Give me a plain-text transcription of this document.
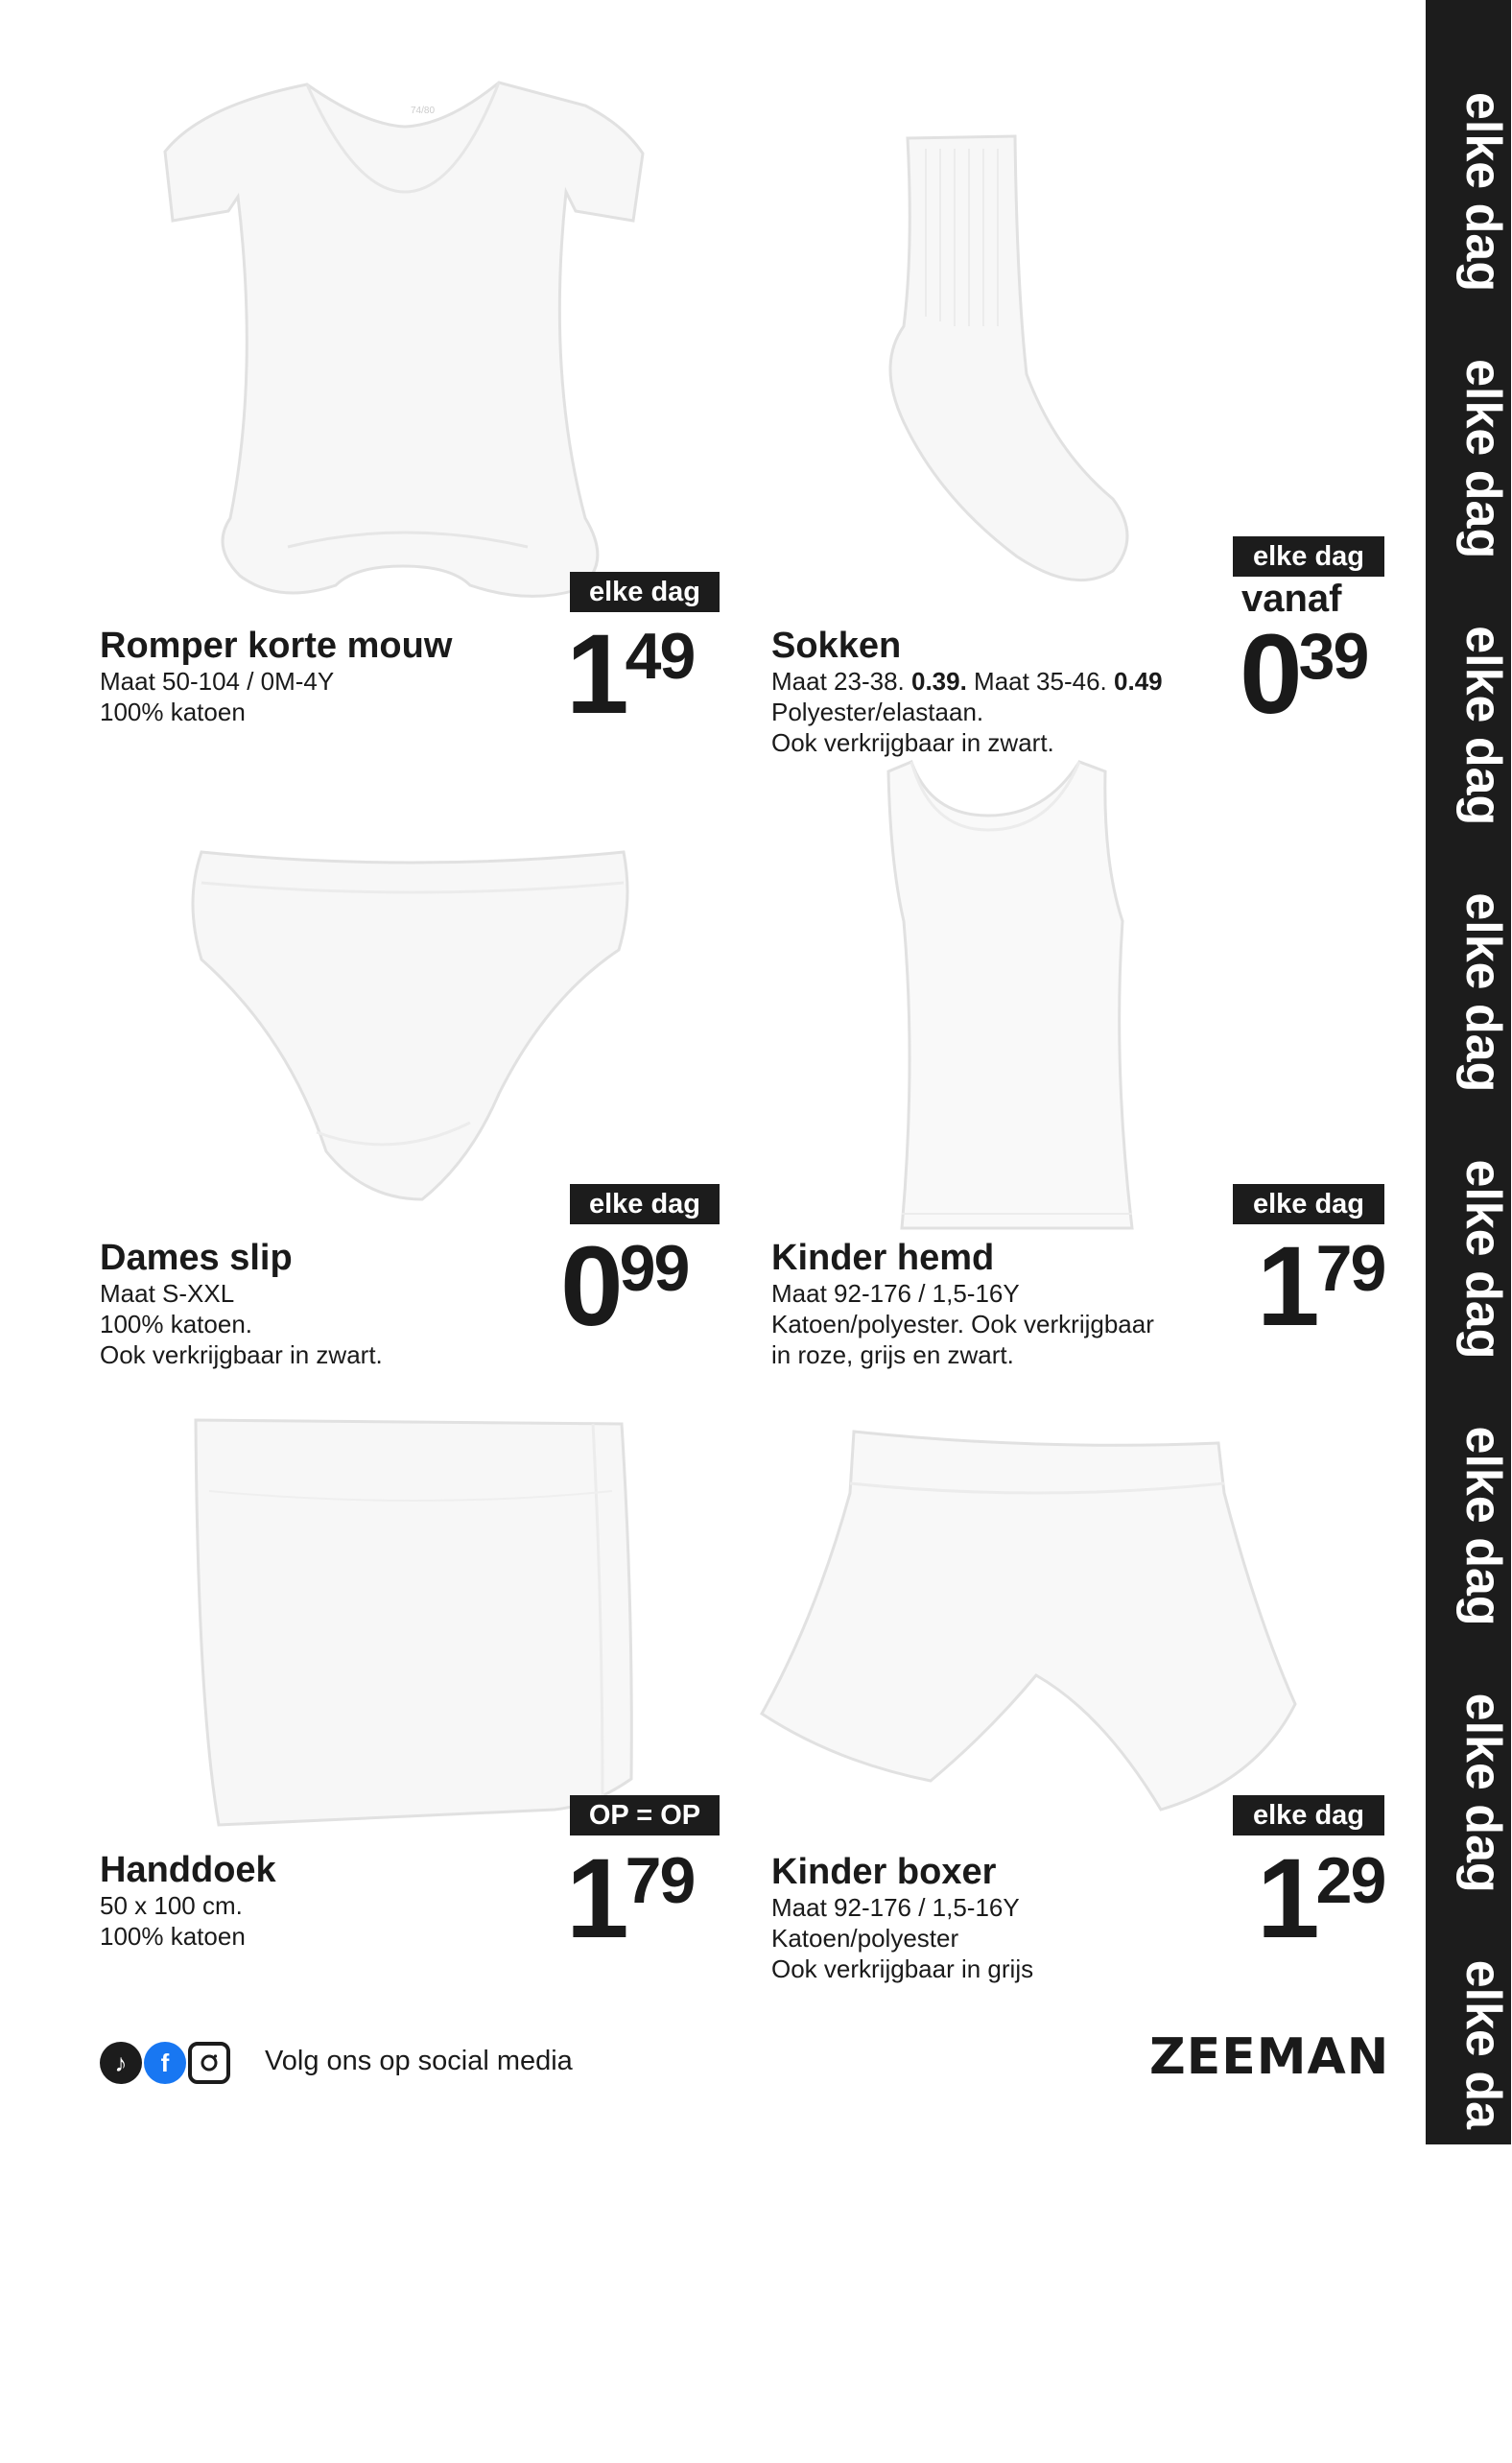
elke dagelke dagelke dagelke dagelke dagelke dagelke dagelke daelke dag
74/80
elke dag
Romper korte mouw
Maat 50-104 / 0M-4Y
100% katoen	149
elke dag
vanaf
Sokken
Maat 23-38. 0.39. Maat 35-46. 0.49
Polyester/elastaan.
Ook verkrijgbaar in zwart.
039
elke dag
Dames slip
Maat S-XXL
100% katoen.
Ook verkrijgbaar in zwart.
099
elke dag
Kinder hemd
Maat 92-176 / 1,5-16Y
Katoen/polyester. Ook verkrijgbaar
in roze, grijs en zwart.
179
OP = OP
Handdoek
50 x 100 cm.
100% katoen	179
elke dag
Kinder boxer
Maat 92-176 / 1,5-16Y
Katoen/polyester
Ook verkrijgbaar in grijs
129
♪	f	Volg ons op social media	ZEEMAN
